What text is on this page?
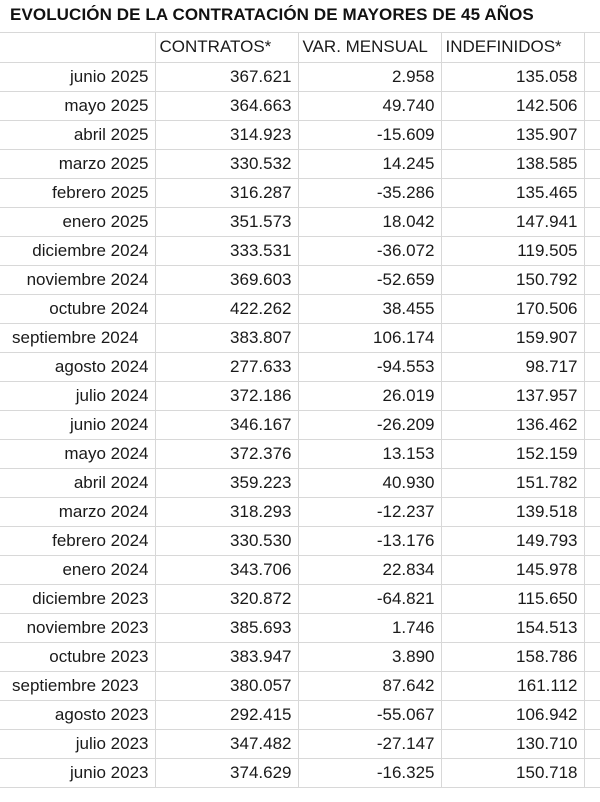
EVOLUCIÓN DE LA CONTRATACIÓN DE MAYORES DE 45 AÑOS
	CONTRATOS*	VAR. MENSUAL	INDEFINIDOS*	
junio 2025	367.621	2.958	135.058	
mayo 2025	364.663	49.740	142.506	
abril 2025	314.923	-15.609	135.907	
marzo 2025	330.532	14.245	138.585	
febrero 2025	316.287	-35.286	135.465	
enero 2025	351.573	18.042	147.941	
diciembre 2024	333.531	-36.072	119.505	
noviembre 2024	369.603	-52.659	150.792	
octubre 2024	422.262	38.455	170.506	
septiembre 2024	383.807	106.174	159.907	
agosto 2024	277.633	-94.553	98.717	
julio 2024	372.186	26.019	137.957	
junio 2024	346.167	-26.209	136.462	
mayo 2024	372.376	13.153	152.159	
abril 2024	359.223	40.930	151.782	
marzo 2024	318.293	-12.237	139.518	
febrero 2024	330.530	-13.176	149.793	
enero 2024	343.706	22.834	145.978	
diciembre 2023	320.872	-64.821	115.650	
noviembre 2023	385.693	1.746	154.513	
octubre 2023	383.947	3.890	158.786	
septiembre 2023	380.057	87.642	161.112	
agosto 2023	292.415	-55.067	106.942	
julio 2023	347.482	-27.147	130.710	
junio 2023	374.629	-16.325	150.718	
